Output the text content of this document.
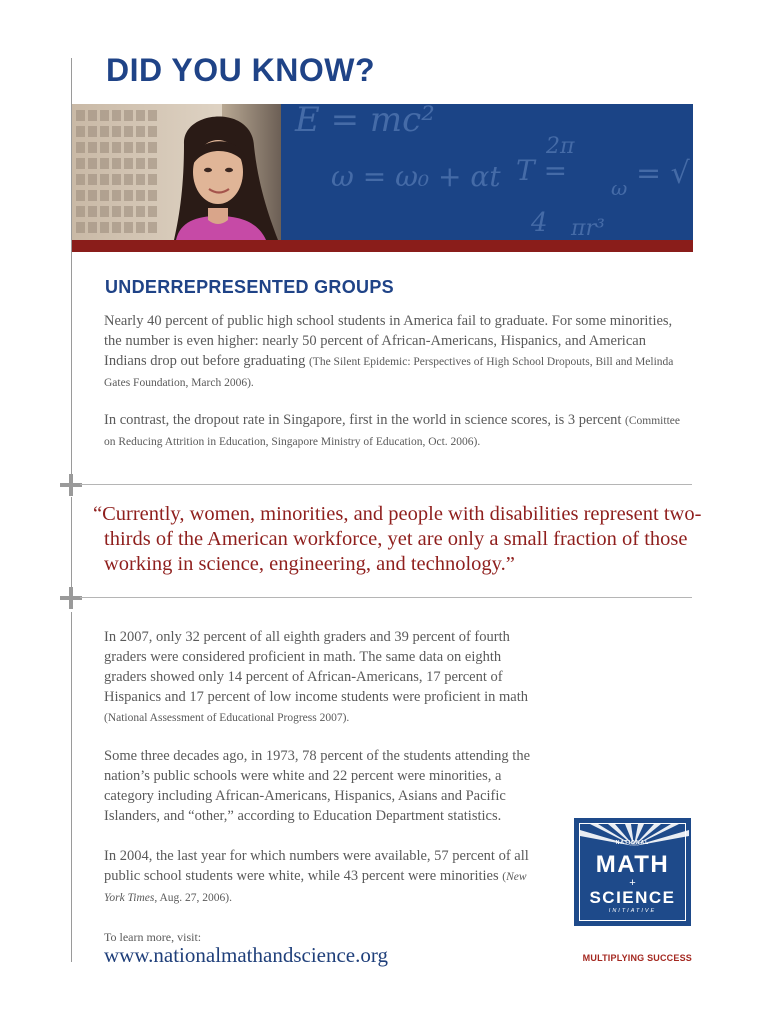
DID YOU KNOW?
E = mc²
2π
ω = ω₀ + αt T =
ω = √
4 πr³
UNDERREPRESENTED GROUPS

Nearly 40 percent of public high school students in America fail to graduate. For some minorities, the number is even higher: nearly 50 percent of African-Americans, Hispanics, and American Indians drop out before graduating (The Silent Epidemic: Perspectives of High School Dropouts, Bill and Melinda Gates Foundation, March 2006).

In contrast, the dropout rate in Singapore, first in the world in science scores, is 3 percent (Committee on Reducing Attrition in Education, Singapore Ministry of Education, Oct. 2006).

“Currently, women, minorities, and people with disabilities represent two-thirds of the American workforce, yet are only a small fraction of those working in science, engineering, and technology.”

In 2007, only 32 percent of all eighth graders and 39 percent of fourth graders were considered proficient in math. The same data on eighth graders showed only 14 percent of African-Americans, 17 percent of Hispanics and 17 percent of low income students were proficient in math (National Assessment of Educational Progress 2007).

Some three decades ago, in 1973, 78 percent of the students attending the nation’s public schools were white and 22 percent were minorities, a category including African-Americans, Hispanics, Asians and Pacific Islanders, and “other,” according to Education Department statistics.

In 2004, the last year for which numbers were available, 57 percent of all public school students were white, while 43 percent were minorities (New York Times, Aug. 27, 2006).

To learn more, visit:
www.nationalmathandscience.org
NATIONAL
MATH
+
SCIENCE
INITIATIVE
MULTIPLYING SUCCESS
